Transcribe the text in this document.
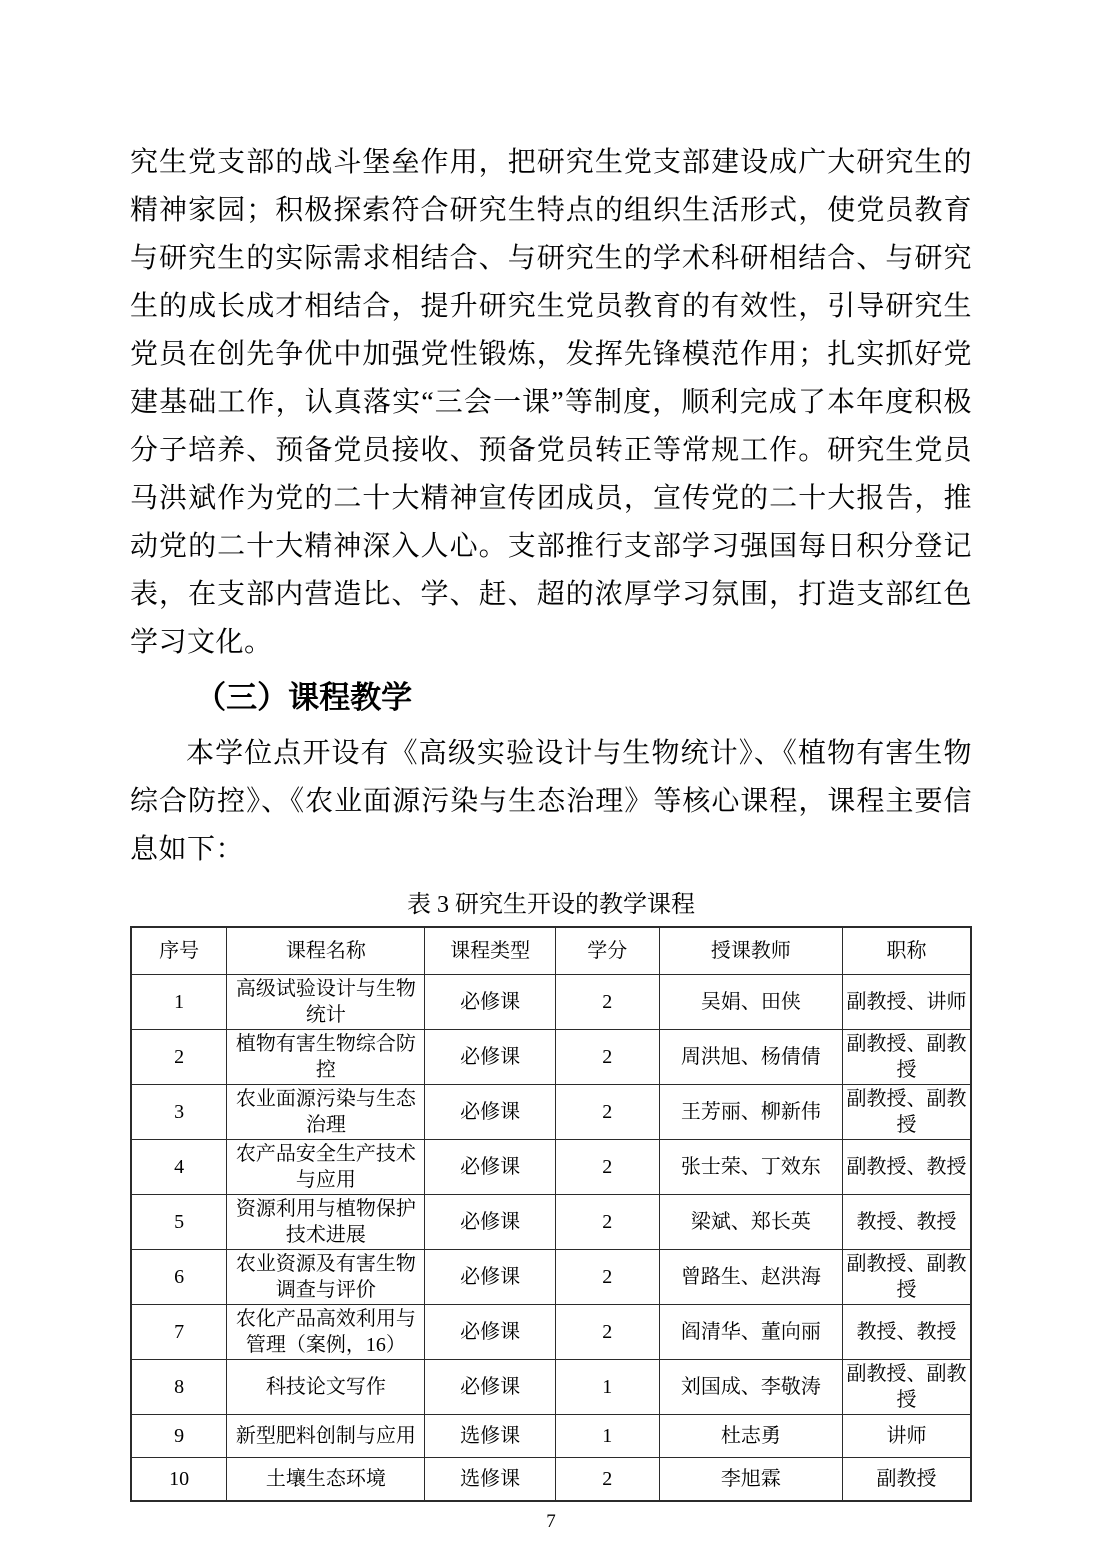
究生党支部的战斗堡垒作用，把研究生党支部建设成广大研究生的精神家园；积极探索符合研究生特点的组织生活形式，使党员教育与研究生的实际需求相结合、与研究生的学术科研相结合、与研究生的成长成才相结合，提升研究生党员教育的有效性，引导研究生党员在创先争优中加强党性锻炼，发挥先锋模范作用；扎实抓好党建基础工作，认真落实“三会一课”等制度，顺利完成了本年度积极分子培养、预备党员接收、预备党员转正等常规工作。研究生党员马洪斌作为党的二十大精神宣传团成员，宣传党的二十大报告，推动党的二十大精神深入人心。支部推行支部学习强国每日积分登记表，在支部内营造比、学、赶、超的浓厚学习氛围，打造支部红色学习文化。

（三）课程教学

本学位点开设有《高级实验设计与生物统计》、《植物有害生物综合防控》、《农业面源污染与生态治理》等核心课程，课程主要信息如下：

表 3 研究生开设的教学课程
序号	课程名称	课程类型	学分	授课教师	职称
1	高级试验设计与生物统计	必修课	2	吴娟、田侠	副教授、讲师
2	植物有害生物综合防控	必修课	2	周洪旭、杨倩倩	副教授、副教授
3	农业面源污染与生态治理	必修课	2	王芳丽、柳新伟	副教授、副教授
4	农产品安全生产技术与应用	必修课	2	张士荣、丁效东	副教授、教授
5	资源利用与植物保护技术进展	必修课	2	梁斌、郑长英	教授、教授
6	农业资源及有害生物调查与评价	必修课	2	曾路生、赵洪海	副教授、副教授
7	农化产品高效利用与管理（案例，16）	必修课	2	阎清华、董向丽	教授、教授
8	科技论文写作	必修课	1	刘国成、李敬涛	副教授、副教授
9	新型肥料创制与应用	选修课	1	杜志勇	讲师
10	土壤生态环境	选修课	2	李旭霖	副教授
7
